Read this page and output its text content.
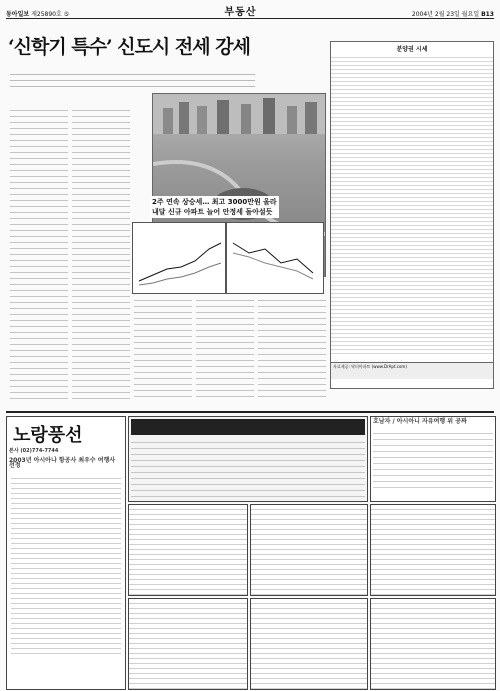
동아일보 제25890호 ⑤	부동산	2004년 2월 23일 월요일 B13
‘신학기 특수’ 신도시 전세 강세
2주 연속 상승세… 최고 3000만원 올라
내달 신규 아파트 늘어 안정세 돌아설듯
분양권 시세
자료제공: 닥터아파트 (www.DrApt.com)
노랑풍선
본사 (02)774-7744
2003년 아시아나 항공사 최우수 여행사 선정
호남자 / 아시아니 자유여행 위 공짜
